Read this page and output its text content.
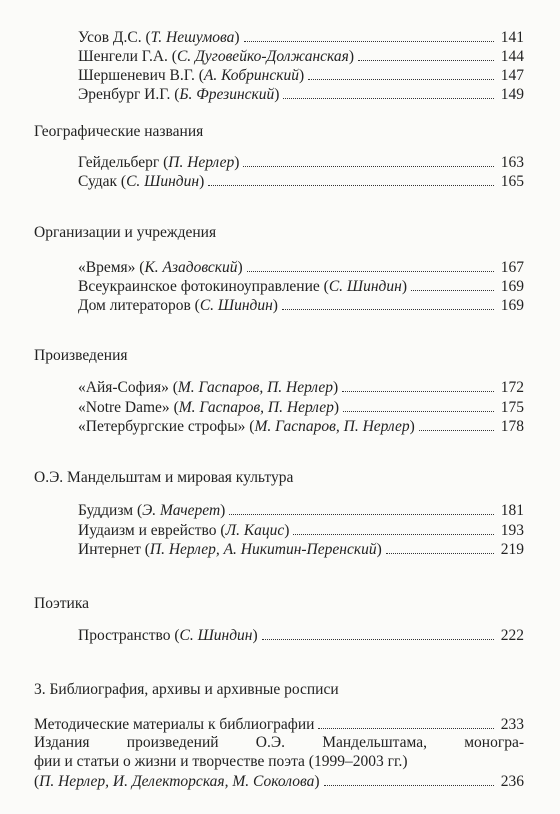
Усов Д.С. ( Т. Нешумова )	141
Шенгели Г.А. ( С. Дуговейко-Должанская )	144
Шершеневич В.Г. ( А. Кобринский )	147
Эренбург И.Г. ( Б. Фрезинский )	149
Географические названия
Гейдельберг ( П. Нерлер )	163
Судак ( С. Шиндин )	165
Организации и учреждения
«Время» ( К. Азадовский )	167
Всеукраинское фотокиноуправление ( С. Шиндин )	169
Дом литераторов ( С. Шиндин )	169
Произведения
«Айя-София» ( М. Гаспаров, П. Нерлер )	172
«Notre Dame» ( М. Гаспаров, П. Нерлер )	175
«Петербургские строфы» ( М. Гаспаров, П. Нерлер )	178
О.Э. Мандельштам и мировая культура
Буддизм ( Э. Мачерет )	181
Иудаизм и еврейство ( Л. Кацис )	193
Интернет ( П. Нерлер, А. Никитин-Перенский )	219
Поэтика
Пространство ( С. Шиндин )	222
3. Библиография, архивы и архивные росписи
Методические материалы к библиографии	233
Издания произведений О.Э. Мандельштама, моногра-
фии и статьи о жизни и творчестве поэта (1999–2003 гг.)
( П. Нерлер, И. Делекторская, М. Соколова )	236
